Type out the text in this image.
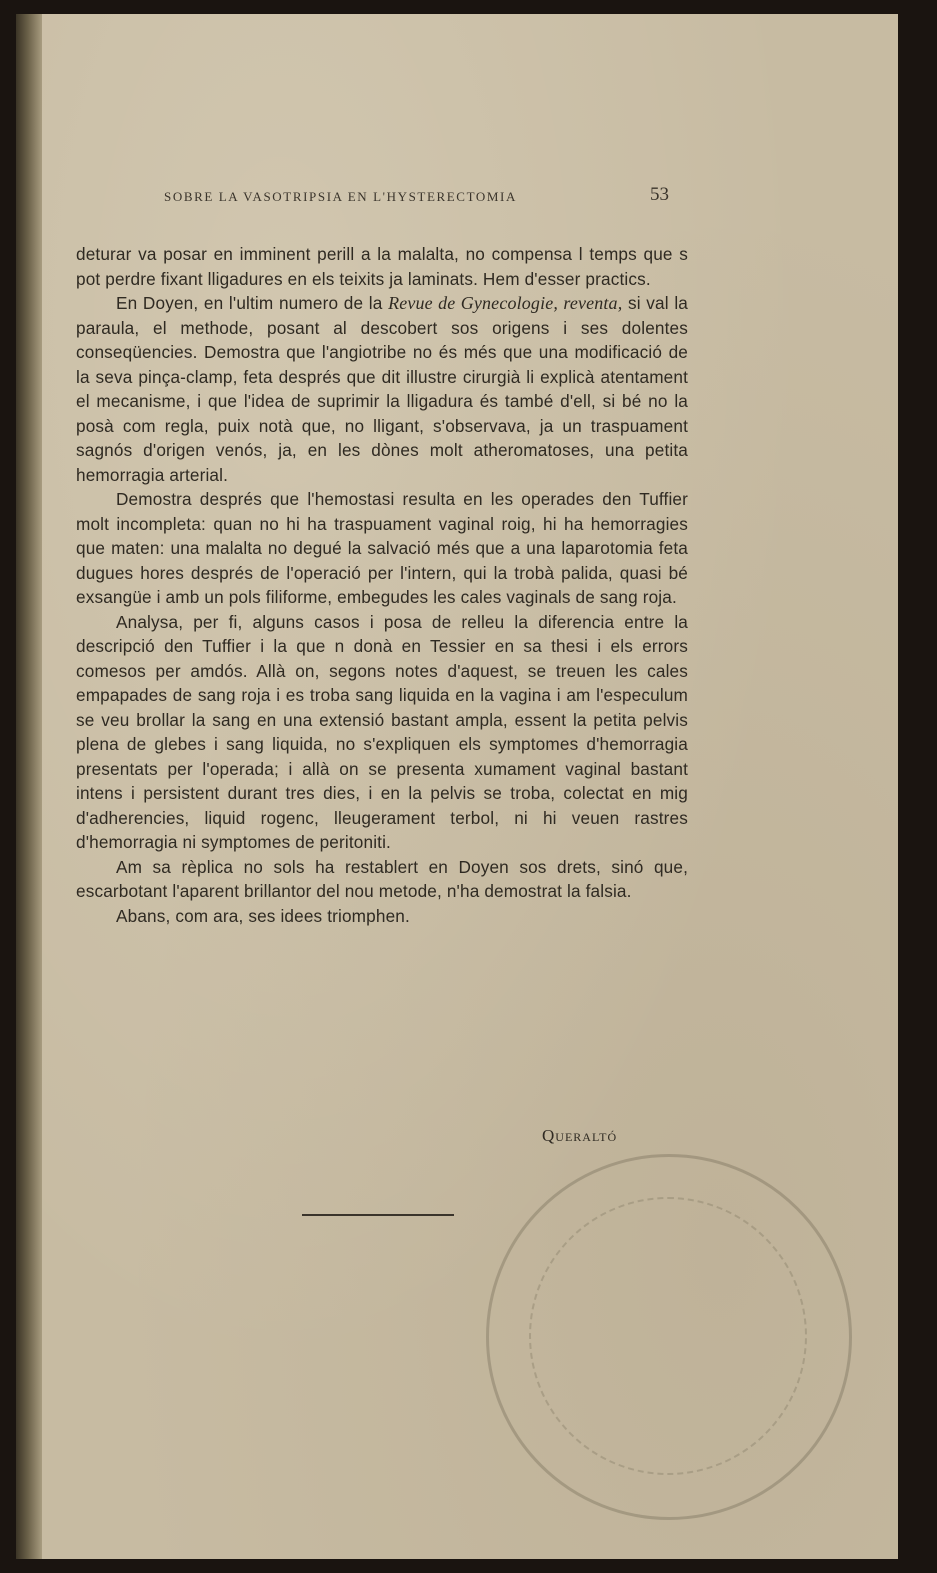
SOBRE LA VASOTRIPSIA EN L'HYSTERECTOMIA	53

deturar va posar en imminent perill a la malalta, no compensa l temps que s pot perdre fixant lligadures en els teixits ja laminats. Hem d'esser practics.

En Doyen, en l'ultim numero de la Revue de Gynecologie, reventa, si val la paraula, el methode, posant al descobert sos origens i ses dolentes conseqüencies. Demostra que l'angiotribe no és més que una modificació de la seva pinça-clamp, feta després que dit illustre cirurgià li explicà atentament el mecanisme, i que l'idea de suprimir la lligadura és també d'ell, si bé no la posà com regla, puix notà que, no lligant, s'observava, ja un traspuament sagnós d'origen venós, ja, en les dònes molt atheromatoses, una petita hemorragia arterial.

Demostra després que l'hemostasi resulta en les operades den Tuffier molt incompleta: quan no hi ha traspuament vaginal roig, hi ha hemorragies que maten: una malalta no degué la salvació més que a una laparotomia feta dugues hores després de l'operació per l'intern, qui la trobà palida, quasi bé exsangüe i amb un pols filiforme, embegudes les cales vaginals de sang roja.

Analysa, per fi, alguns casos i posa de relleu la diferencia entre la descripció den Tuffier i la que n donà en Tessier en sa thesi i els errors comesos per amdós. Allà on, segons notes d'aquest, se treuen les cales empapades de sang roja i es troba sang liquida en la vagina i am l'especulum se veu brollar la sang en una extensió bastant ampla, essent la petita pelvis plena de glebes i sang liquida, no s'expliquen els symptomes d'hemorragia presentats per l'operada; i allà on se presenta xumament vaginal bastant intens i persistent durant tres dies, i en la pelvis se troba, colectat en mig d'adherencies, liquid rogenc, lleugerament terbol, ni hi veuen rastres d'hemorragia ni symptomes de peritoniti.

Am sa rèplica no sols ha restablert en Doyen sos drets, sinó que, escarbotant l'aparent brillantor del nou metode, n'ha demostrat la falsia.

Abans, com ara, ses idees triomphen.

Queraltó
